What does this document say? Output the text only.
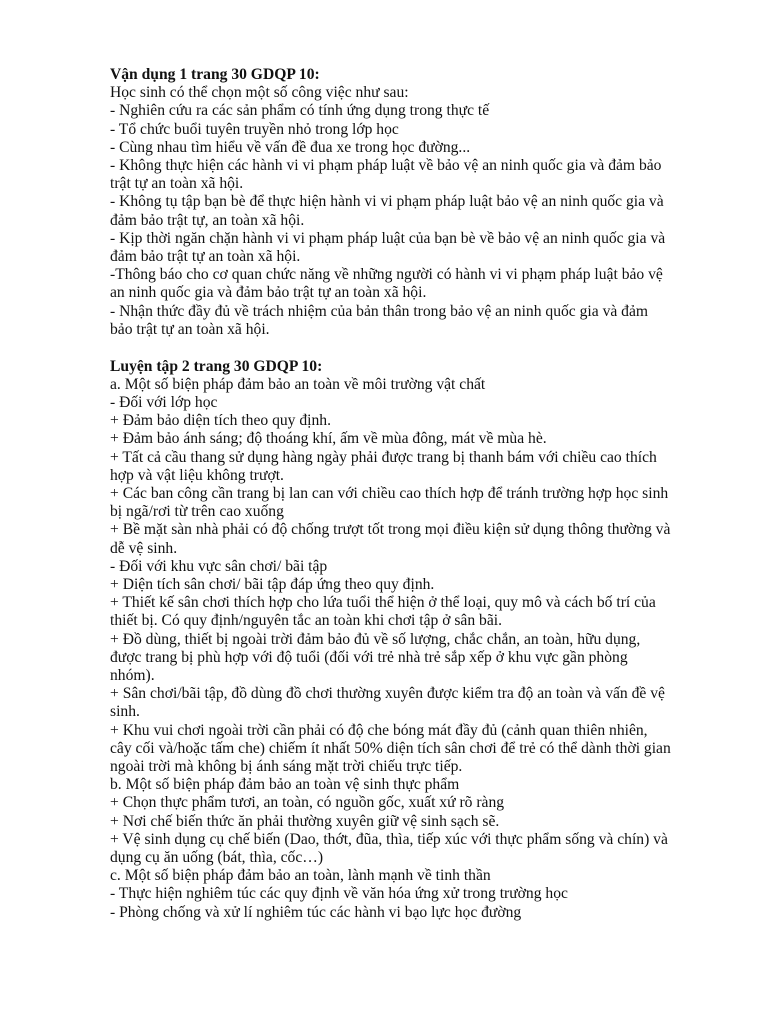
Vận dụng 1 trang 30 GDQP 10:

Học sinh có thể chọn một số công việc như sau:

- Nghiên cứu ra các sản phẩm có tính ứng dụng trong thực tế

- Tổ chức buổi tuyên truyền nhỏ trong lớp học

- Cùng nhau tìm hiểu về vấn đề đua xe trong học đường...

- Không thực hiện các hành vi vi phạm pháp luật về bảo vệ an ninh quốc gia và đảm bảo

trật tự an toàn xã hội.

- Không tụ tập bạn bè để thực hiện hành vi vi phạm pháp luật bảo vệ an ninh quốc gia và

đảm bảo trật tự, an toàn xã hội.

- Kịp thời ngăn chặn hành vi vi phạm pháp luật của bạn bè về bảo vệ an ninh quốc gia và

đảm bảo trật tự an toàn xã hội.

-Thông báo cho cơ quan chức năng về những người có hành vi vi phạm pháp luật bảo vệ

an ninh quốc gia và đảm bảo trật tự an toàn xã hội.

- Nhận thức đầy đủ về trách nhiệm của bản thân trong bảo vệ an ninh quốc gia và đảm

bảo trật tự an toàn xã hội.

Luyện tập 2 trang 30 GDQP 10:

a. Một số biện pháp đảm bảo an toàn về môi trường vật chất

- Đối với lớp học

+ Đảm bảo diện tích theo quy định.

+ Đảm bảo ánh sáng; độ thoáng khí, ấm về mùa đông, mát về mùa hè.

+ Tất cả cầu thang sử dụng hàng ngày phải được trang bị thanh bám với chiều cao thích

hợp và vật liệu không trượt.

+ Các ban công cần trang bị lan can với chiều cao thích hợp để tránh trường hợp học sinh

bị ngã/rơi từ trên cao xuống

+ Bề mặt sàn nhà phải có độ chống trượt tốt trong mọi điều kiện sử dụng thông thường và

dễ vệ sinh.

- Đối với khu vực sân chơi/ bãi tập

+ Diện tích sân chơi/ bãi tập đáp ứng theo quy định.

+ Thiết kế sân chơi thích hợp cho lứa tuổi thể hiện ở thể loại, quy mô và cách bố trí của

thiết bị. Có quy định/nguyên tắc an toàn khi chơi tập ở sân bãi.

+ Đồ dùng, thiết bị ngoài trời đảm bảo đủ về số lượng, chắc chắn, an toàn, hữu dụng,

được trang bị phù hợp với độ tuổi (đối với trẻ nhà trẻ sắp xếp ở khu vực gần phòng

nhóm).

+ Sân chơi/bãi tập, đồ dùng đồ chơi thường xuyên được kiểm tra độ an toàn và vấn đề vệ

sinh.

+ Khu vui chơi ngoài trời cần phải có độ che bóng mát đầy đủ (cảnh quan thiên nhiên,

cây cối và/hoặc tấm che) chiếm ít nhất 50% diện tích sân chơi để trẻ có thể dành thời gian

ngoài trời mà không bị ánh sáng mặt trời chiếu trực tiếp.

b. Một số biện pháp đảm bảo an toàn vệ sinh thực phẩm

+ Chọn thực phẩm tươi, an toàn, có nguồn gốc, xuất xứ rõ ràng

+ Nơi chế biến thức ăn phải thường xuyên giữ vệ sinh sạch sẽ.

+ Vệ sinh dụng cụ chế biến (Dao, thớt, đũa, thìa, tiếp xúc với thực phẩm sống và chín) và

dụng cụ ăn uống (bát, thìa, cốc…)

c. Một số biện pháp đảm bảo an toàn, lành mạnh về tinh thần

- Thực hiện nghiêm túc các quy định về văn hóa ứng xử trong trường học

- Phòng chống và xử lí nghiêm túc các hành vi bạo lực học đường
